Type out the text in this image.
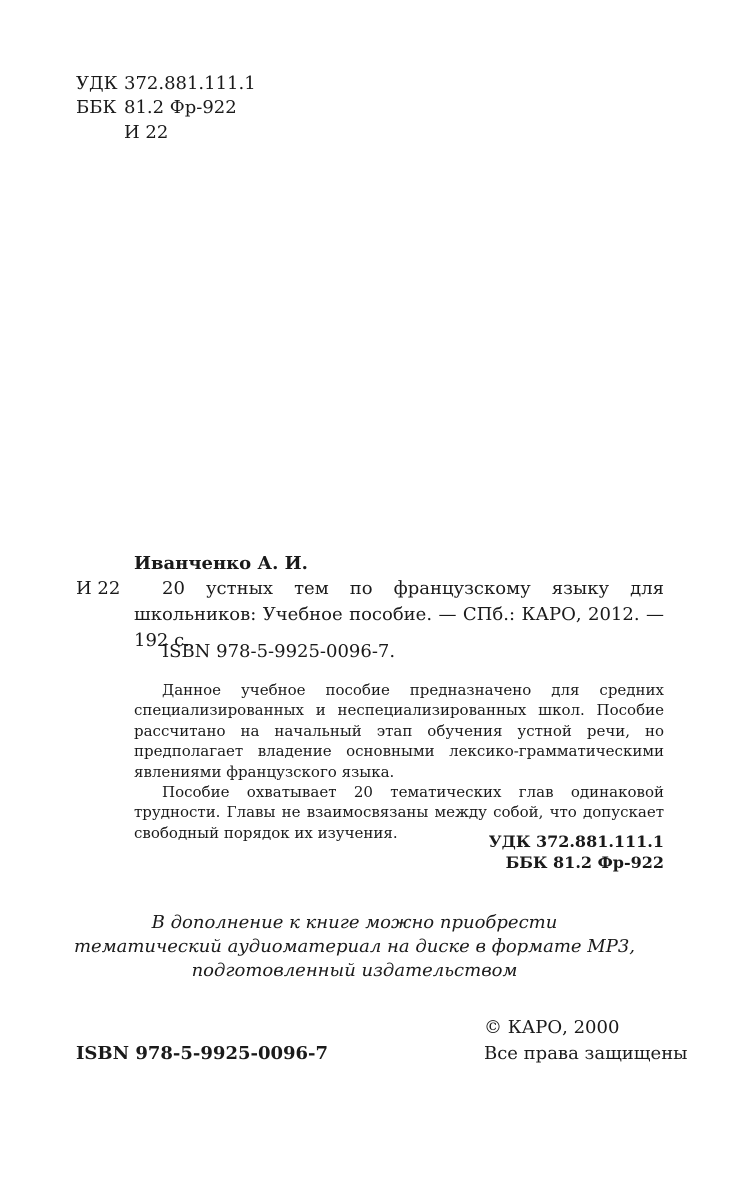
УДК 372.881.111.1
ББК 81.2 Фр-922
И 22
Иванченко А. И.
И 22	20 устных тем по французскому языку для школьников: Учебное пособие. — СПб.: КАРО, 2012. — 192 с.
ISBN 978-5-9925-0096-7.

Данное учебное пособие предназначено для средних специализированных и неспециализированных школ. Пособие рассчитано на начальный этап обучения устной речи, но предполагает владение основными лексико-грамматическими явлениями французского языка.

Пособие охватывает 20 тематических глав одинаковой трудности. Главы не взаимосвязаны между собой, что допускает свободный порядок их изучения.	УДК 372.881.111.1
ББК 81.2 Фр-922
В дополнение к книге можно приобрести
тематический аудиоматериал на диске в формате МР3,
подготовленный издательством
© КАРО, 2000
Все права защищены
ISBN 978-5-9925-0096-7
